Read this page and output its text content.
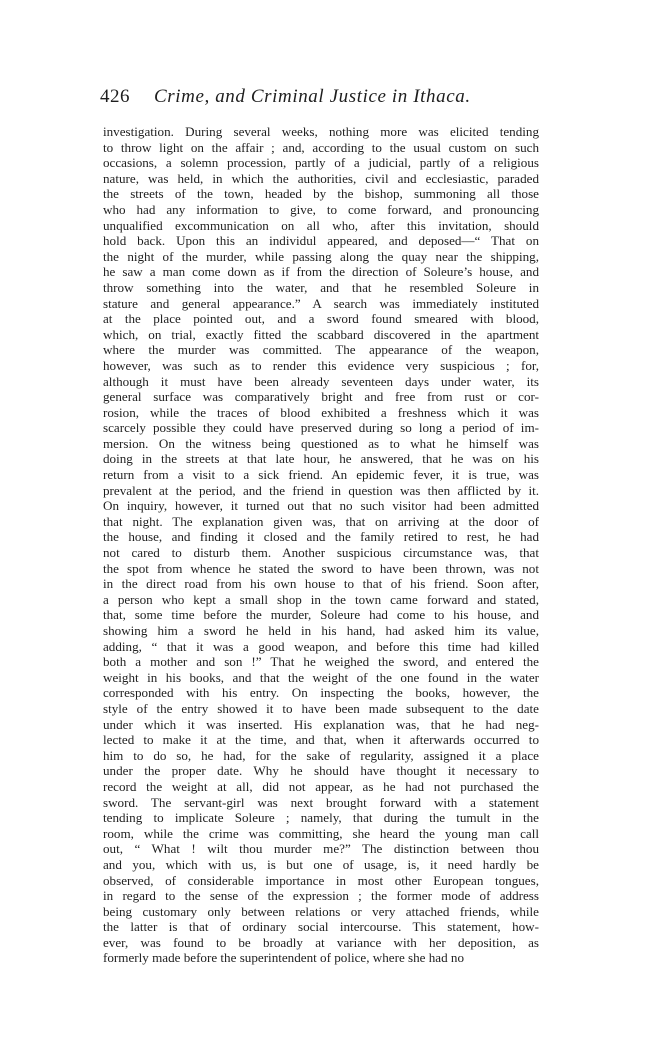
426 Crime, and Criminal Justice in Ithaca.
investigation. During several weeks, nothing more was elicited tending
to throw light on the affair ; and, according to the usual custom on such
occasions, a solemn procession, partly of a judicial, partly of a religious
nature, was held, in which the authorities, civil and ecclesiastic, paraded
the streets of the town, headed by the bishop, summoning all those
who had any information to give, to come forward, and pronouncing
unqualified excommunication on all who, after this invitation, should
hold back. Upon this an individul appeared, and deposed—“ That on
the night of the murder, while passing along the quay near the shipping,
he saw a man come down as if from the direction of Soleure’s house, and
throw something into the water, and that he resembled Soleure in
stature and general appearance.” A search was immediately instituted
at the place pointed out, and a sword found smeared with blood,
which, on trial, exactly fitted the scabbard discovered in the apartment
where the murder was committed. The appearance of the weapon,
however, was such as to render this evidence very suspicious ; for,
although it must have been already seventeen days under water, its
general surface was comparatively bright and free from rust or cor-
rosion, while the traces of blood exhibited a freshness which it was
scarcely possible they could have preserved during so long a period of im-
mersion. On the witness being questioned as to what he himself was
doing in the streets at that late hour, he answered, that he was on his
return from a visit to a sick friend. An epidemic fever, it is true, was
prevalent at the period, and the friend in question was then afflicted by it.
On inquiry, however, it turned out that no such visitor had been admitted
that night. The explanation given was, that on arriving at the door of
the house, and finding it closed and the family retired to rest, he had
not cared to disturb them. Another suspicious circumstance was, that
the spot from whence he stated the sword to have been thrown, was not
in the direct road from his own house to that of his friend. Soon after,
a person who kept a small shop in the town came forward and stated,
that, some time before the murder, Soleure had come to his house, and
showing him a sword he held in his hand, had asked him its value,
adding, “ that it was a good weapon, and before this time had killed
both a mother and son !” That he weighed the sword, and entered the
weight in his books, and that the weight of the one found in the water
corresponded with his entry. On inspecting the books, however, the
style of the entry showed it to have been made subsequent to the date
under which it was inserted. His explanation was, that he had neg-
lected to make it at the time, and that, when it afterwards occurred to
him to do so, he had, for the sake of regularity, assigned it a place
under the proper date. Why he should have thought it necessary to
record the weight at all, did not appear, as he had not purchased the
sword. The servant-girl was next brought forward with a statement
tending to implicate Soleure ; namely, that during the tumult in the
room, while the crime was committing, she heard the young man call
out, “ What ! wilt thou murder me?” The distinction between thou
and you, which with us, is but one of usage, is, it need hardly be
observed, of considerable importance in most other European tongues,
in regard to the sense of the expression ; the former mode of address
being customary only between relations or very attached friends, while
the latter is that of ordinary social intercourse. This statement, how-
ever, was found to be broadly at variance with her deposition, as
formerly made before the superintendent of police, where she had no
